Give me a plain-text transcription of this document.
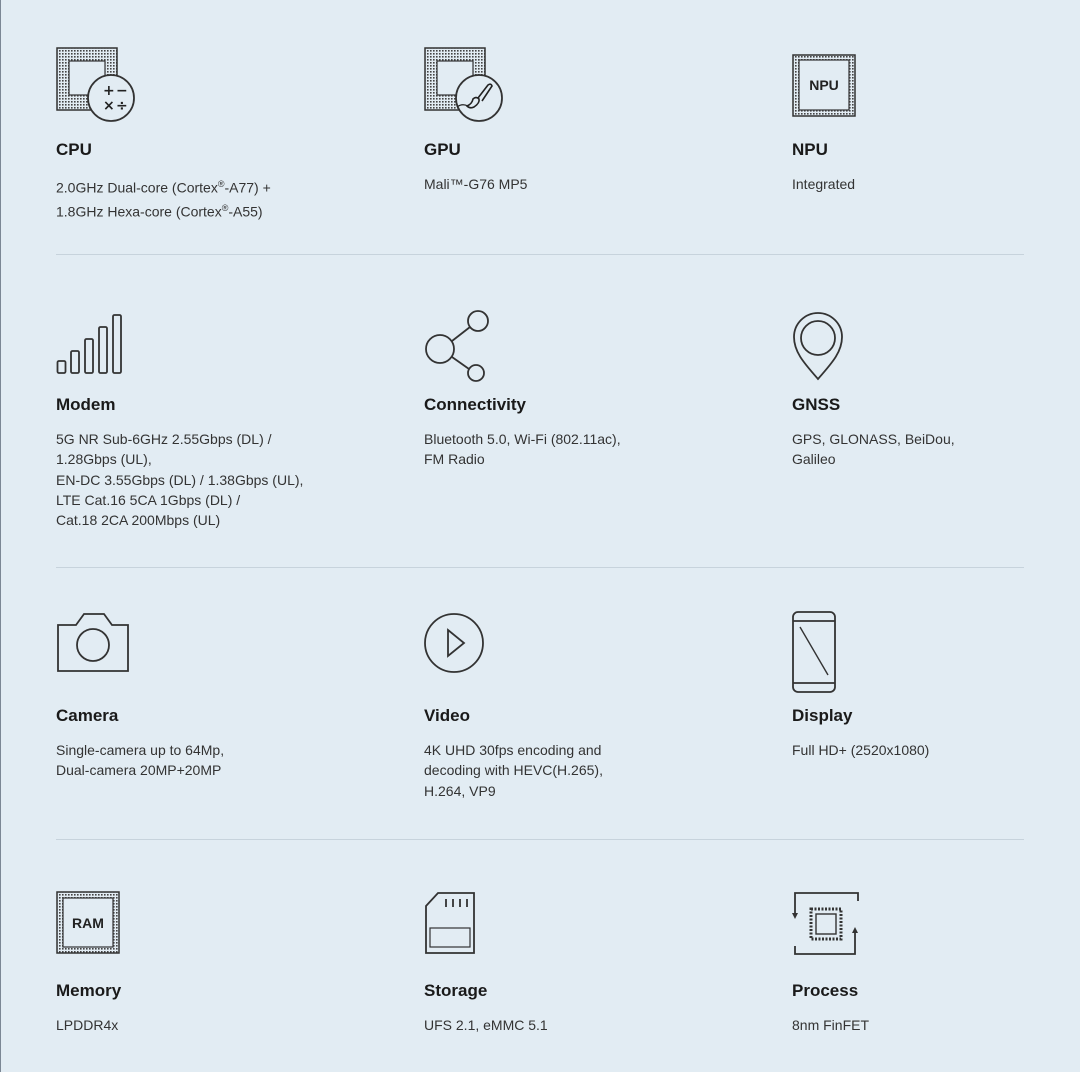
+ −
× ÷
CPU
2.0GHz Dual-core (Cortex®-A77) +
1.8GHz Hexa-core (Cortex®-A55)
GPU
Mali™-G76 MP5
NPU
NPU
Integrated
Modem
5G NR Sub-6GHz 2.55Gbps (DL) /
1.28Gbps (UL),
EN-DC 3.55Gbps (DL) / 1.38Gbps (UL),
LTE Cat.16 5CA 1Gbps (DL) /
Cat.18 2CA 200Mbps (UL)
Connectivity
Bluetooth 5.0, Wi-Fi (802.11ac),
FM Radio
GNSS
GPS, GLONASS, BeiDou,
Galileo
Camera
Single-camera up to 64Mp,
Dual-camera 20MP+20MP
Video
4K UHD 30fps encoding and
decoding with HEVC(H.265),
H.264, VP9
Display
Full HD+ (2520x1080)
RAM
Memory
LPDDR4x
Storage
UFS 2.1, eMMC 5.1
Process
8nm FinFET
